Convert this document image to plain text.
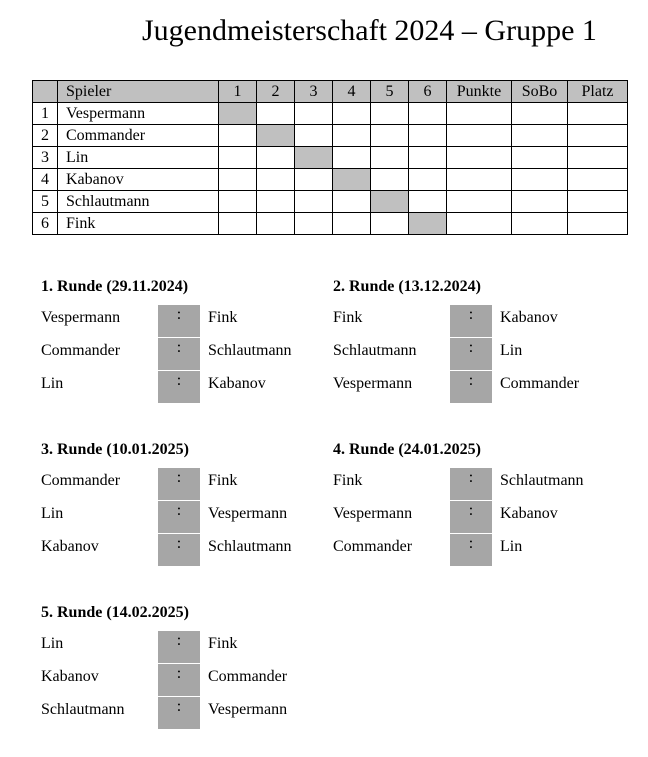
Jugendmeisterschaft 2024 – Gruppe 1
	Spieler	1	2	3	4	5	6	Punkte	SoBo	Platz
1	Vespermann									
2	Commander									
3	Lin									
4	Kabanov									
5	Schlautmann									
6	Fink									
1. Runde (29.11.2024)
Vespermann	:	Fink
Commander	:	Schlautmann
Lin	:	Kabanov
2. Runde (13.12.2024)
Fink	:	Kabanov
Schlautmann	:	Lin
Vespermann	:	Commander
3. Runde (10.01.2025)
Commander	:	Fink
Lin	:	Vespermann
Kabanov	:	Schlautmann
4. Runde (24.01.2025)
Fink	:	Schlautmann
Vespermann	:	Kabanov
Commander	:	Lin
5. Runde (14.02.2025)
Lin	:	Fink
Kabanov	:	Commander
Schlautmann	:	Vespermann
